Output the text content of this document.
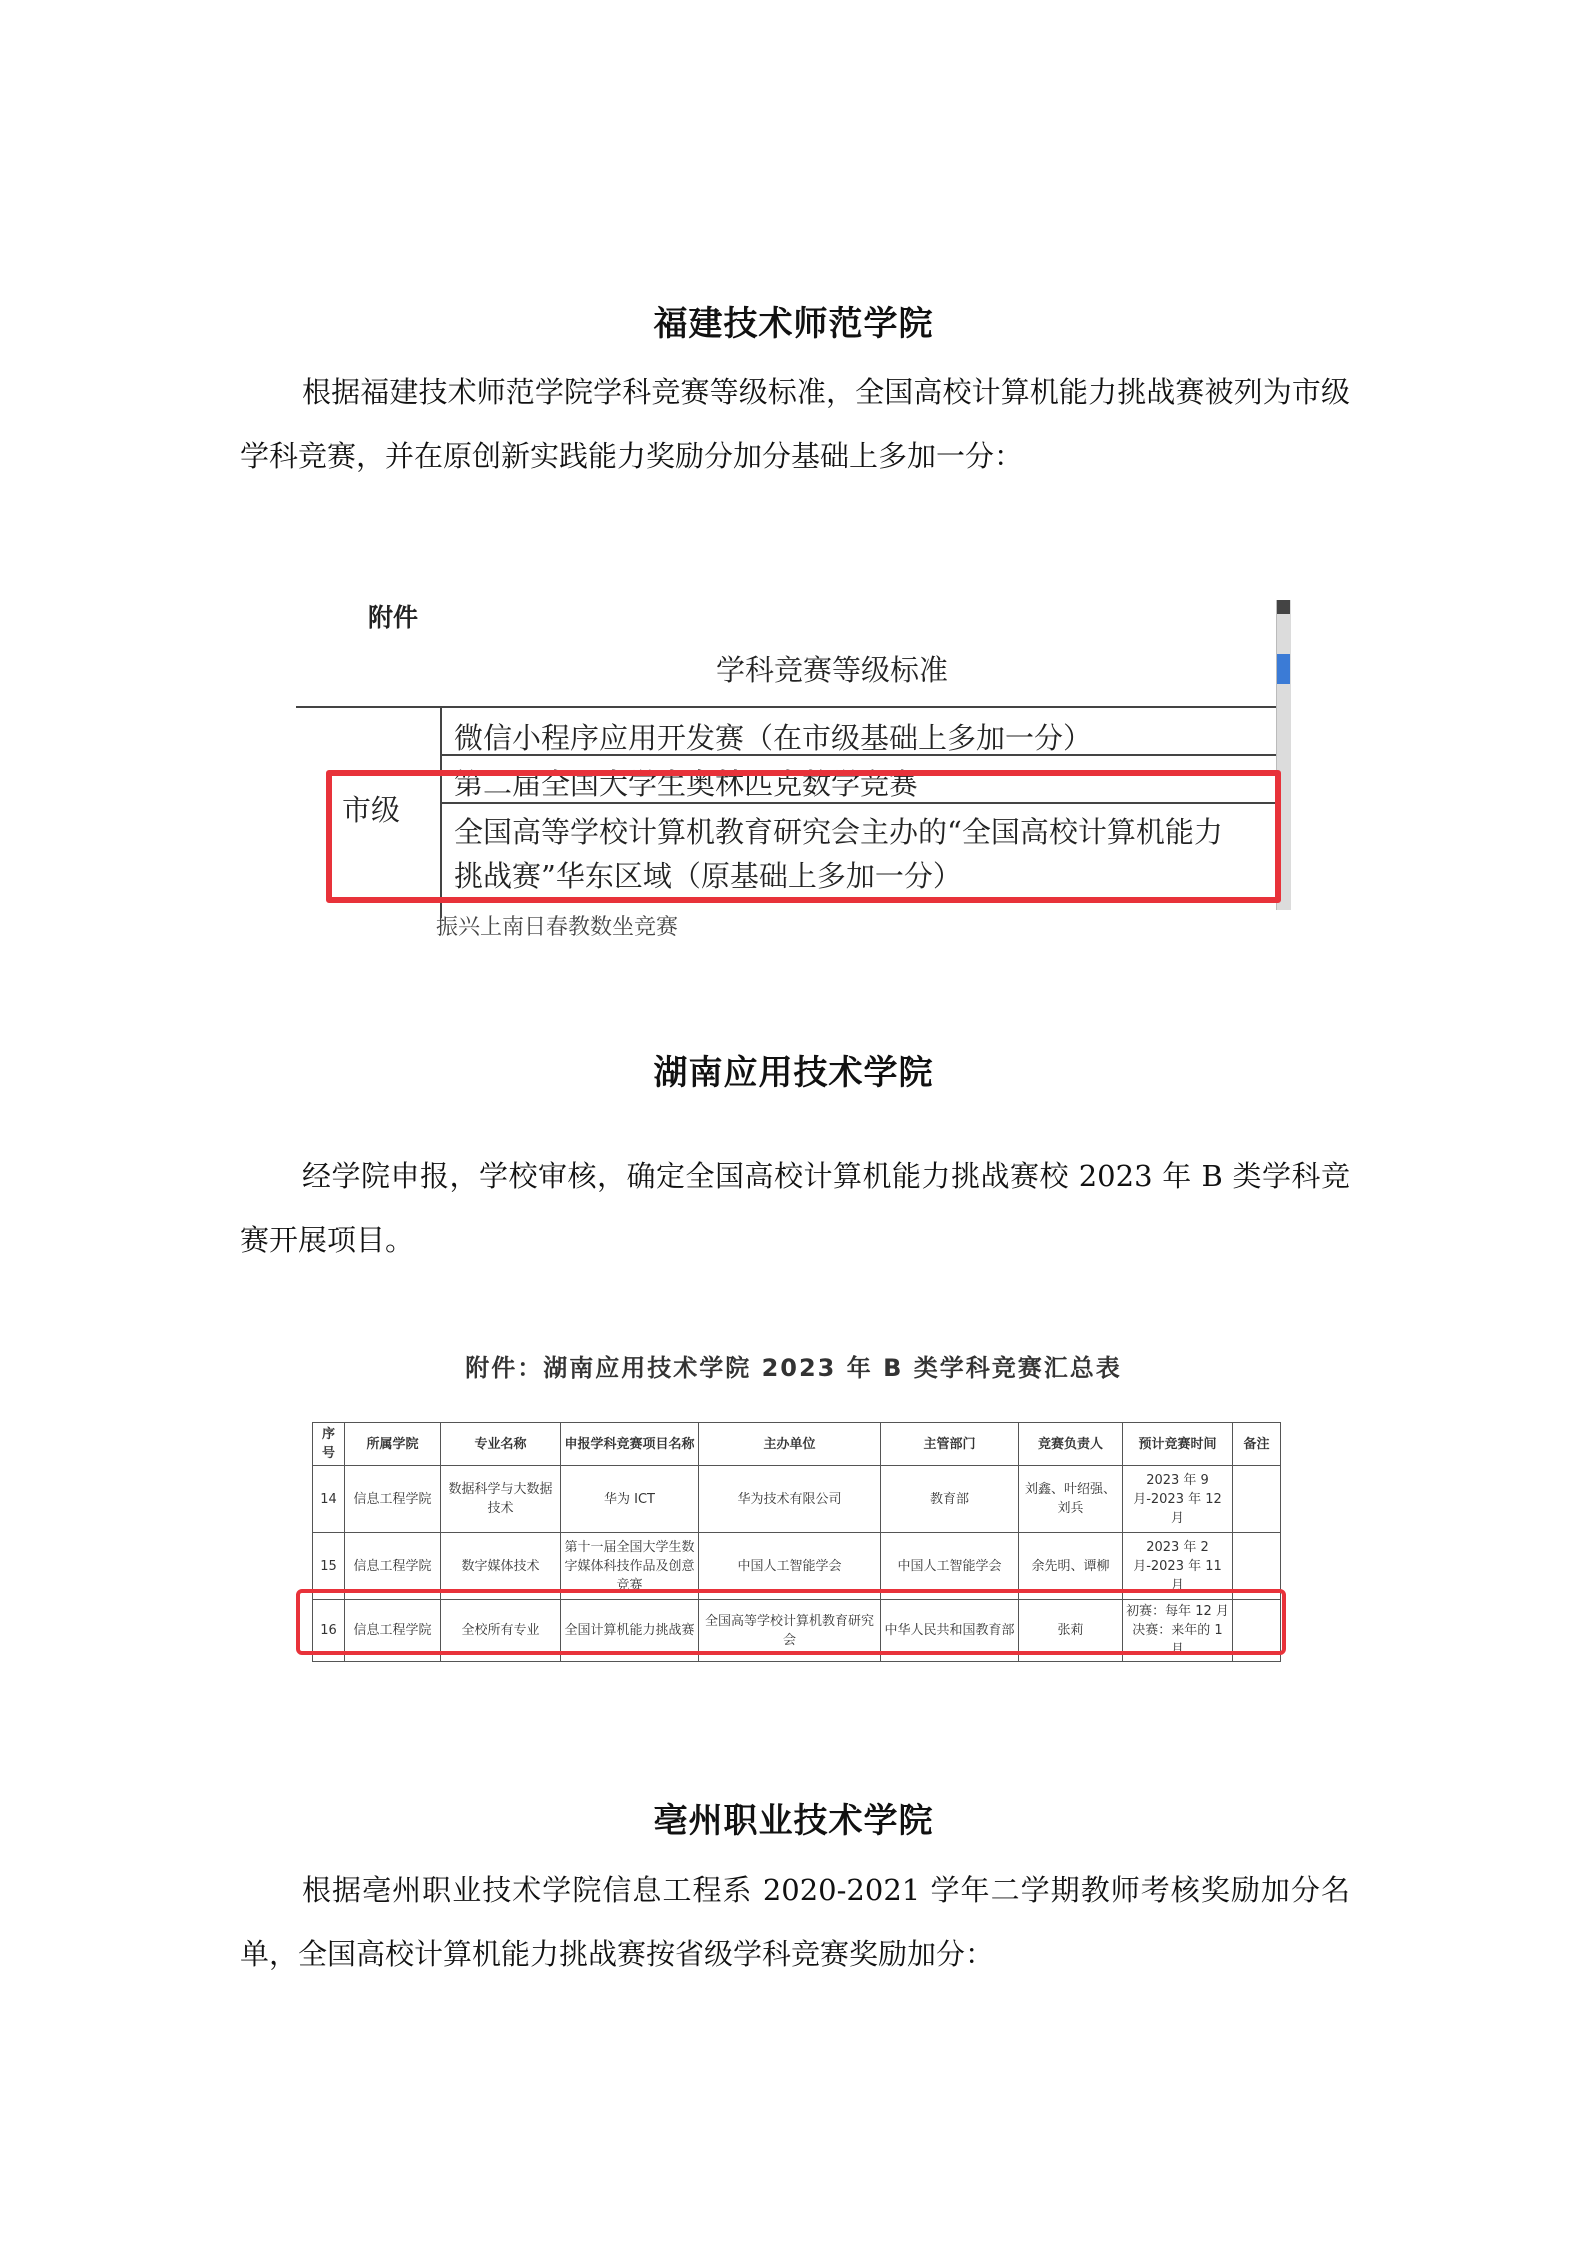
福建技术师范学院
根据福建技术师范学院学科竞赛等级标准，全国高校计算机能力挑战赛被列为市级学科竞赛，并在原创新实践能力奖励分加分基础上多加一分：
附件
学科竞赛等级标准
市级
微信小程序应用开发赛（在市级基础上多加一分）
第二届全国大学生奥林匹克数学竞赛
全国高等学校计算机教育研究会主办的“全国高校计算机能力
挑战赛”华东区域（原基础上多加一分）
振兴上南日春教数坐竞赛
湖南应用技术学院
经学院申报，学校审核，确定全国高校计算机能力挑战赛校 2023 年 B 类学科竞赛开展项目。
附件：湖南应用技术学院 2023 年 B 类学科竞赛汇总表
序号	所属学院	专业名称	申报学科竞赛项目名称	主办单位	主管部门	竞赛负责人	预计竞赛时间	备注
14	信息工程学院	数据科学与大数据技术	华为 ICT	华为技术有限公司	教育部	刘鑫、叶绍强、刘兵	2023 年 9 月-2023 年 12 月	
15	信息工程学院	数字媒体技术	第十一届全国大学生数字媒体科技作品及创意竞赛	中国人工智能学会	中国人工智能学会	余先明、谭柳	2023 年 2 月-2023 年 11 月	
16	信息工程学院	全校所有专业	全国计算机能力挑战赛	全国高等学校计算机教育研究会	中华人民共和国教育部	张莉	初赛：每年 12 月 决赛：来年的 1 月	
亳州职业技术学院
根据亳州职业技术学院信息工程系 2020-2021 学年二学期教师考核奖励加分名单，全国高校计算机能力挑战赛按省级学科竞赛奖励加分：
